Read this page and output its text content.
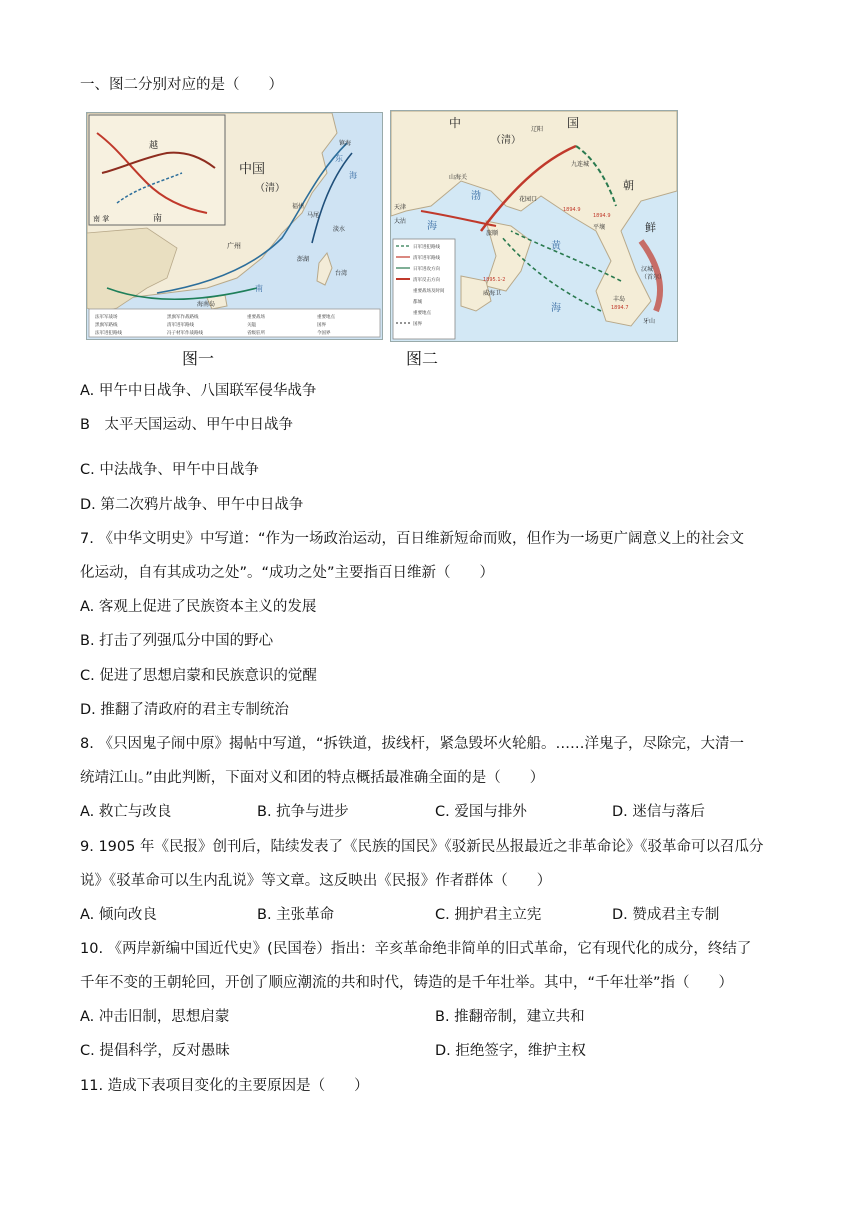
一、图二分别对应的是（　　）
法军军战场
黑旗军路线
法军进犯路线
黑旗军作战路线
清军进军路线
冯子材军作战路线
重要战场
关隘
省级驻所
重要地点
国界
今国界
中国
（清）
越
南
南 掌
东
海
广州
澎湖
淡水
海南岛
南
福州
台湾
镇海
马尾
日军进犯路线
清军进军路线
日军进攻方向
清军反击方向
重要战场及时间
都城
重要地点
国界
中
（清）
国
辽阳
朝
鲜
山海关
花园口
九连城
平壤
汉城
（首尔）
天津
大沽
旅顺
威海卫
渤
海
黄
海
牙山
丰岛
1894.9
1894.9
1895.1-2
1894.7
图一	图二
A. 甲午中日战争、八国联军侵华战争
B　太平天国运动、甲午中日战争
C. 中法战争、甲午中日战争
D. 第二次鸦片战争、甲午中日战争
7. 《中华文明史》中写道：“作为一场政治运动，百日维新短命而败，但作为一场更广阔意义上的社会文
化运动，自有其成功之处”。“成功之处”主要指百日维新（　　）
A. 客观上促进了民族资本主义的发展
B. 打击了列强瓜分中国的野心
C. 促进了思想启蒙和民族意识的觉醒
D. 推翻了清政府的君主专制统治
8. 《只因鬼子闹中原》揭帖中写道，“拆铁道，拔线杆，紧急毁坏火轮船。……洋鬼子，尽除完，大清一
统靖江山。”由此判断，下面对义和团的特点概括最准确全面的是（　　）
A. 救亡与改良	B. 抗争与进步	C. 爱国与排外	D. 迷信与落后
9. 1905 年《民报》创刊后，陆续发表了《民族的国民》《驳新民丛报最近之非革命论》《驳革命可以召瓜分
说》《驳革命可以生内乱说》等文章。这反映出《民报》作者群体（　　）
A. 倾向改良	B. 主张革命	C. 拥护君主立宪	D. 赞成君主专制
10. 《两岸新编中国近代史》(民国卷）指出：辛亥革命绝非简单的旧式革命，它有现代化的成分，终结了
千年不变的王朝轮回，开创了顺应潮流的共和时代，铸造的是千年壮举。其中，“千年壮举”指（　　）
A. 冲击旧制，思想启蒙	B. 推翻帝制，建立共和
C. 提倡科学，反对愚昧	D. 拒绝签字，维护主权
11. 造成下表项目变化的主要原因是（　　）
